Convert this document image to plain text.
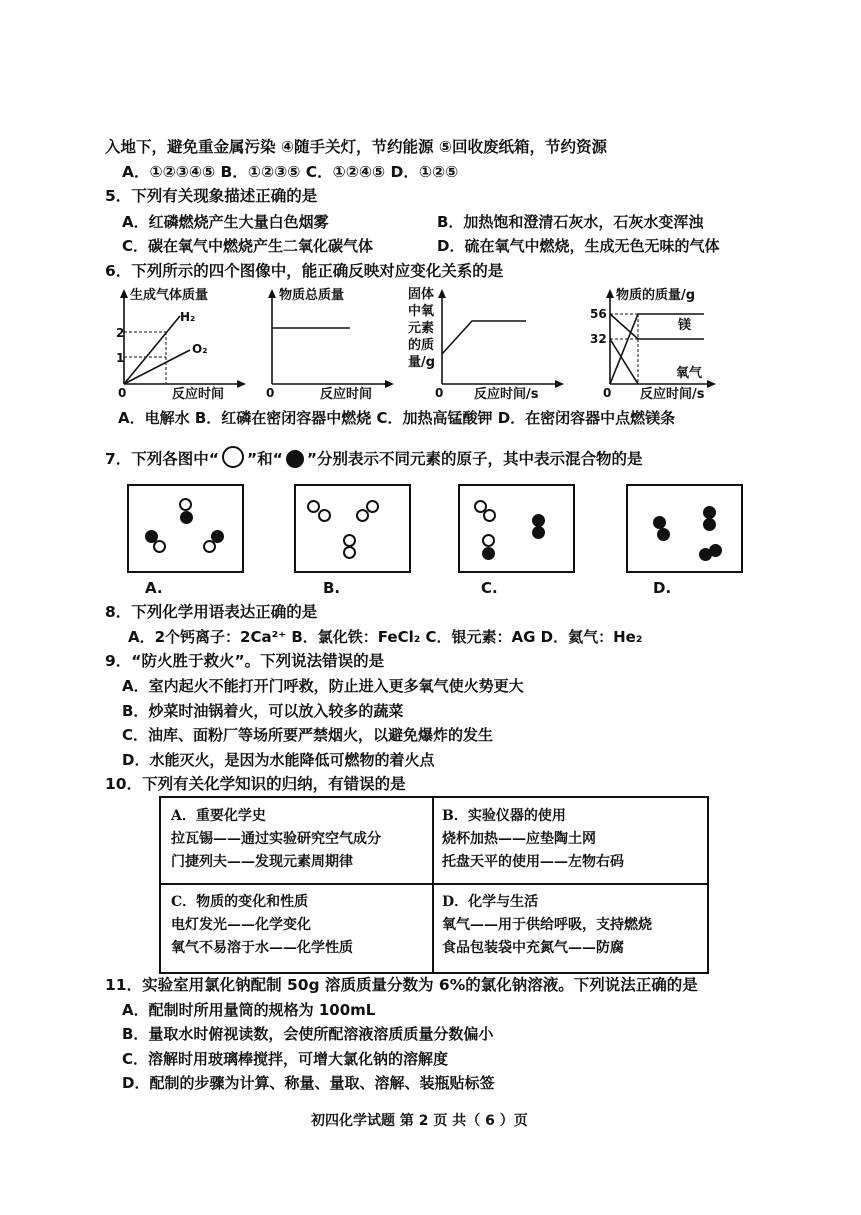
入地下，避免重金属污染 ④随手关灯，节约能源 ⑤回收废纸箱，节约资源
A．①②③④⑤ B．①②③⑤ C．①②④⑤ D．①②⑤
5．下列有关现象描述正确的是
A．红磷燃烧产生大量白色烟雾	B．加热饱和澄清石灰水，石灰水变浑浊
C．碳在氧气中燃烧产生二氧化碳气体	D．硫在氧气中燃烧，生成无色无味的气体
6．下列所示的四个图像中，能正确反映对应变化关系的是
生成气体质量
2
1
0
H₂
O₂
反应时间
物质总质量
0	反应时间
固体
中氧
元素
的质
量/g
0 反应时间/s
物质的质量/g
56
32
0
镁
氧气
反应时间/s
A．电解水 B．红磷在密闭容器中燃烧 C．加热高锰酸钾 D．在密闭容器中点燃镁条
7．下列各图中“ ”和“ ”分别表示不同元素的原子，其中表示混合物的是
A.	B.	C.	D.
8．下列化学用语表达正确的是
A．2个钙离子：2Ca²⁺ B．氯化铁：FeCl₂ C．银元素：AG D．氦气：He₂
9．“防火胜于救火”。下列说法错误的是
A．室内起火不能打开门呼救，防止进入更多氧气使火势更大
B．炒菜时油锅着火，可以放入较多的蔬菜
C．油库、面粉厂等场所要严禁烟火，以避免爆炸的发生
D．水能灭火，是因为水能降低可燃物的着火点
10．下列有关化学知识的归纳，有错误的是
A．重要化学史
拉瓦锡——通过实验研究空气成分
门捷列夫——发现元素周期律
B．实验仪器的使用
烧杯加热——应垫陶土网
托盘天平的使用——左物右码
C．物质的变化和性质
电灯发光——化学变化
氧气不易溶于水——化学性质
D．化学与生活
氧气——用于供给呼吸，支持燃烧
食品包装袋中充氮气——防腐
11．实验室用氯化钠配制 50g 溶质质量分数为 6%的氯化钠溶液。下列说法正确的是
A．配制时所用量筒的规格为 100mL
B．量取水时俯视读数，会使所配溶液溶质质量分数偏小
C．溶解时用玻璃棒搅拌，可增大氯化钠的溶解度
D．配制的步骤为计算、称量、量取、溶解、装瓶贴标签
初四化学试题 第 2 页 共（ 6 ）页
